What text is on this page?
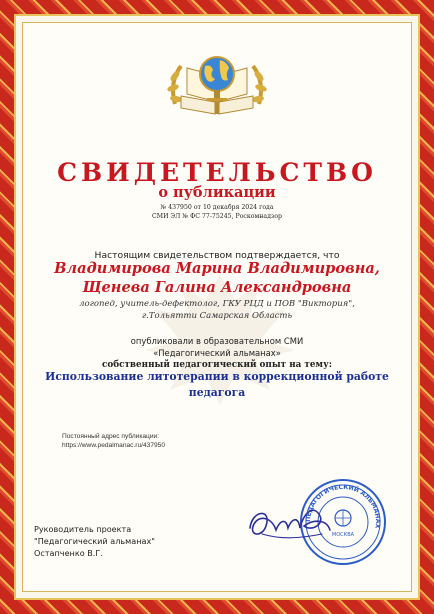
СВИДЕТЕЛЬСТВО
о публикации
№ 437950 от 10 декабря 2024 года
СМИ ЭЛ № ФС 77-75245, Роскомнадзор
Настоящим свидетельством подтверждается, что
Владимирова Марина Владимировна,
Щенева Галина Александровна
логопед, учитель-дефектолог, ГКУ РЦД и ПОВ "Виктория",
г.Тольятти Самарская Область
опубликовали в образовательном СМИ
«Педагогический альманах»
собственный педагогический опыт на тему:
Использование литотерапии в коррекционной работе
педагога
Постоянный адрес публикации:
https://www.pedalmanac.ru/437950
Руководитель проекта
"Педагогический альманах"
Остапченко В.Г.
ПЕДАГОГИЧЕСКИЙ АЛЬМАНАХ
МОСКВА
